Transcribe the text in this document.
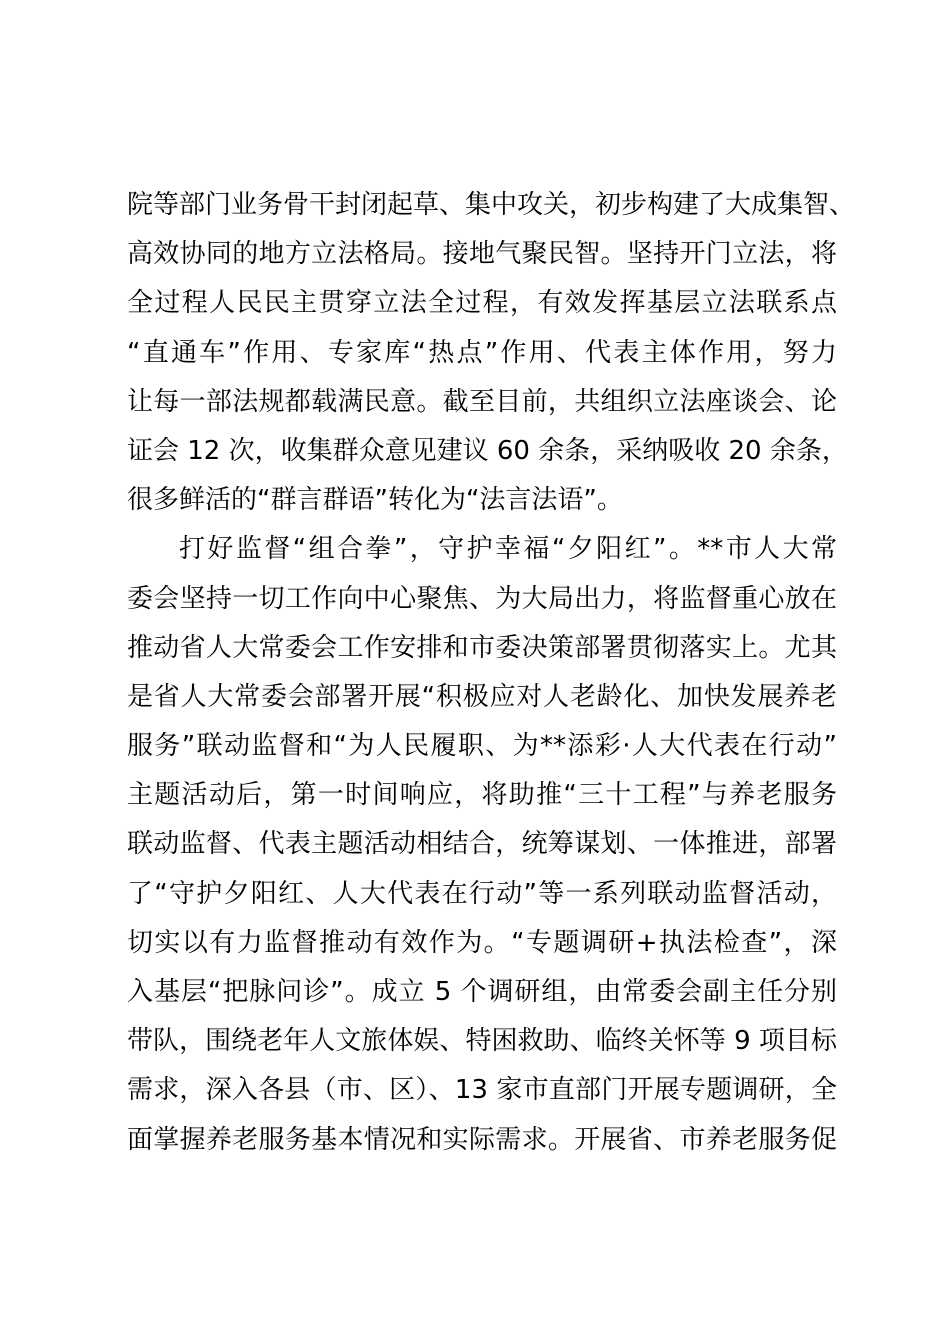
院等部门业务骨干封闭起草、集中攻关，初步构建了大成集智、
高效协同的地方立法格局。接地气聚民智。坚持开门立法，将
全过程人民民主贯穿立法全过程，有效发挥基层立法联系点
“直通车”作用、专家库“热点”作用、代表主体作用，努力
让每一部法规都载满民意。截至目前，共组织立法座谈会、论
证会 12 次，收集群众意见建议 60 余条，采纳吸收 20 余条，
很多鲜活的“群言群语”转化为“法言法语”。
打好监督“组合拳”，守护幸福“夕阳红”。**市人大常
委会坚持一切工作向中心聚焦、为大局出力，将监督重心放在
推动省人大常委会工作安排和市委决策部署贯彻落实上。尤其
是省人大常委会部署开展“积极应对人老龄化、加快发展养老
服务”联动监督和“为人民履职、为**添彩·人大代表在行动”
主题活动后，第一时间响应，将助推“三十工程”与养老服务
联动监督、代表主题活动相结合，统筹谋划、一体推进，部署
了“守护夕阳红、人大代表在行动”等一系列联动监督活动，
切实以有力监督推动有效作为。“专题调研+执法检查”，深
入基层“把脉问诊”。成立 5 个调研组，由常委会副主任分别
带队，围绕老年人文旅体娱、特困救助、临终关怀等 9 项目标
需求，深入各县（市、区）、13 家市直部门开展专题调研，全
面掌握养老服务基本情况和实际需求。开展省、市养老服务促
